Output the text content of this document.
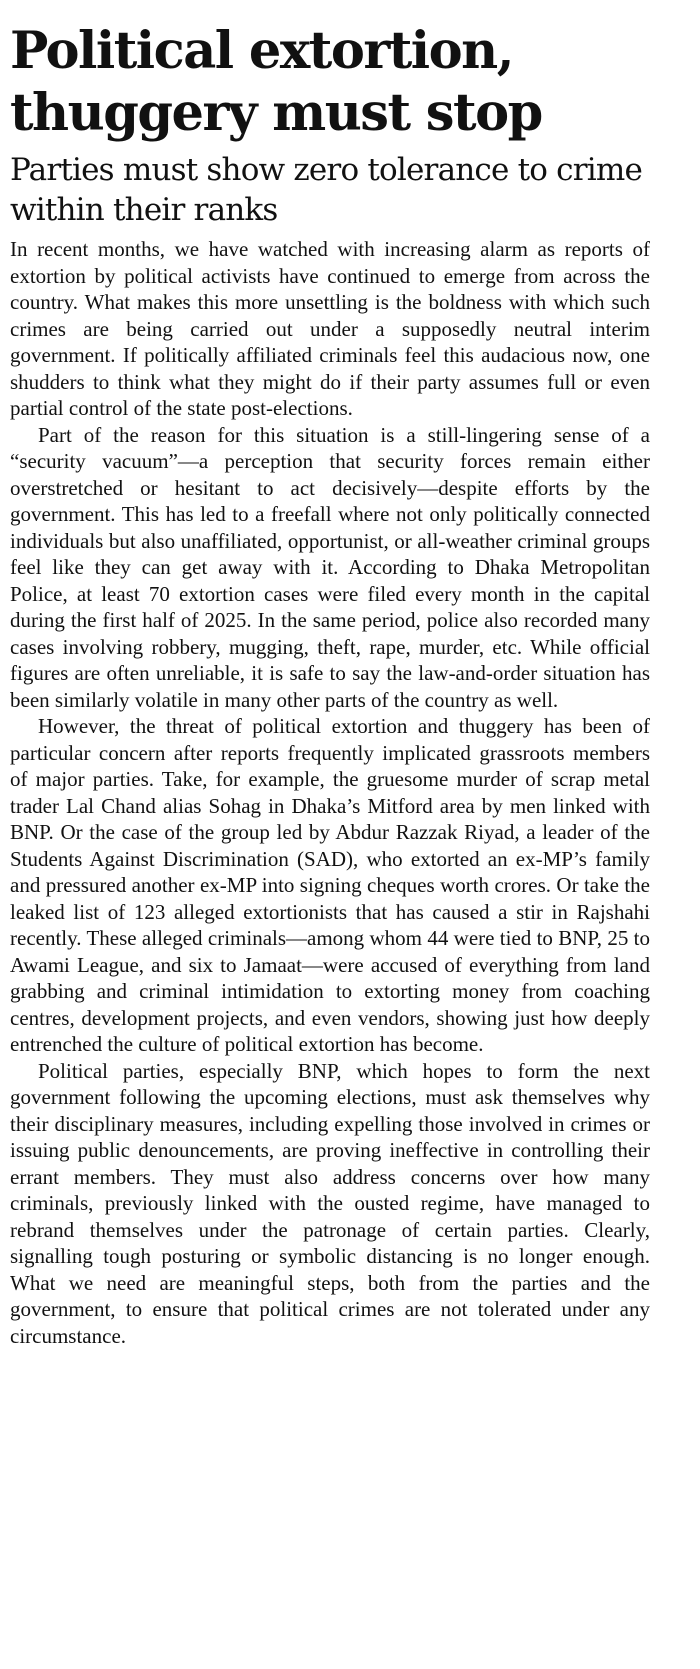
Political extortion, thuggery must stop
Parties must show zero tolerance to crime within their ranks

In recent months, we have watched with increasing alarm as reports of extortion by political activists have continued to emerge from across the country. What makes this more unsettling is the boldness with which such crimes are being carried out under a supposedly neutral interim government. If politically affiliated criminals feel this audacious now, one shudders to think what they might do if their party assumes full or even partial control of the state post-elections.

Part of the reason for this situation is a still-lingering sense of a “security vacuum”—a perception that security forces remain either overstretched or hesitant to act decisively—despite efforts by the government. This has led to a freefall where not only politically connected individuals but also unaffiliated, opportunist, or all-weather criminal groups feel like they can get away with it. According to Dhaka Metropolitan Police, at least 70 extortion cases were filed every month in the capital during the first half of 2025. In the same period, police also recorded many cases involving robbery, mugging, theft, rape, murder, etc. While official figures are often unreliable, it is safe to say the law-and-order situation has been similarly volatile in many other parts of the country as well.

However, the threat of political extortion and thuggery has been of particular concern after reports frequently implicated grassroots members of major parties. Take, for example, the gruesome murder of scrap metal trader Lal Chand alias Sohag in Dhaka’s Mitford area by men linked with BNP. Or the case of the group led by Abdur Razzak Riyad, a leader of the Students Against Discrimination (SAD), who extorted an ex-MP’s family and pressured another ex-MP into signing cheques worth crores. Or take the leaked list of 123 alleged extortionists that has caused a stir in Rajshahi recently. These alleged criminals—among whom 44 were tied to BNP, 25 to Awami League, and six to Jamaat—were accused of everything from land grabbing and criminal intimidation to extorting money from coaching centres, development projects, and even vendors, showing just how deeply entrenched the culture of political extortion has become.

Political parties, especially BNP, which hopes to form the next government following the upcoming elections, must ask themselves why their disciplinary measures, including expelling those involved in crimes or issuing public denouncements, are proving ineffective in controlling their errant members. They must also address concerns over how many criminals, previously linked with the ousted regime, have managed to rebrand themselves under the patronage of certain parties. Clearly, signalling tough posturing or symbolic distancing is no longer enough. What we need are meaningful steps, both from the parties and the government, to ensure that political crimes are not tolerated under any circumstance.
